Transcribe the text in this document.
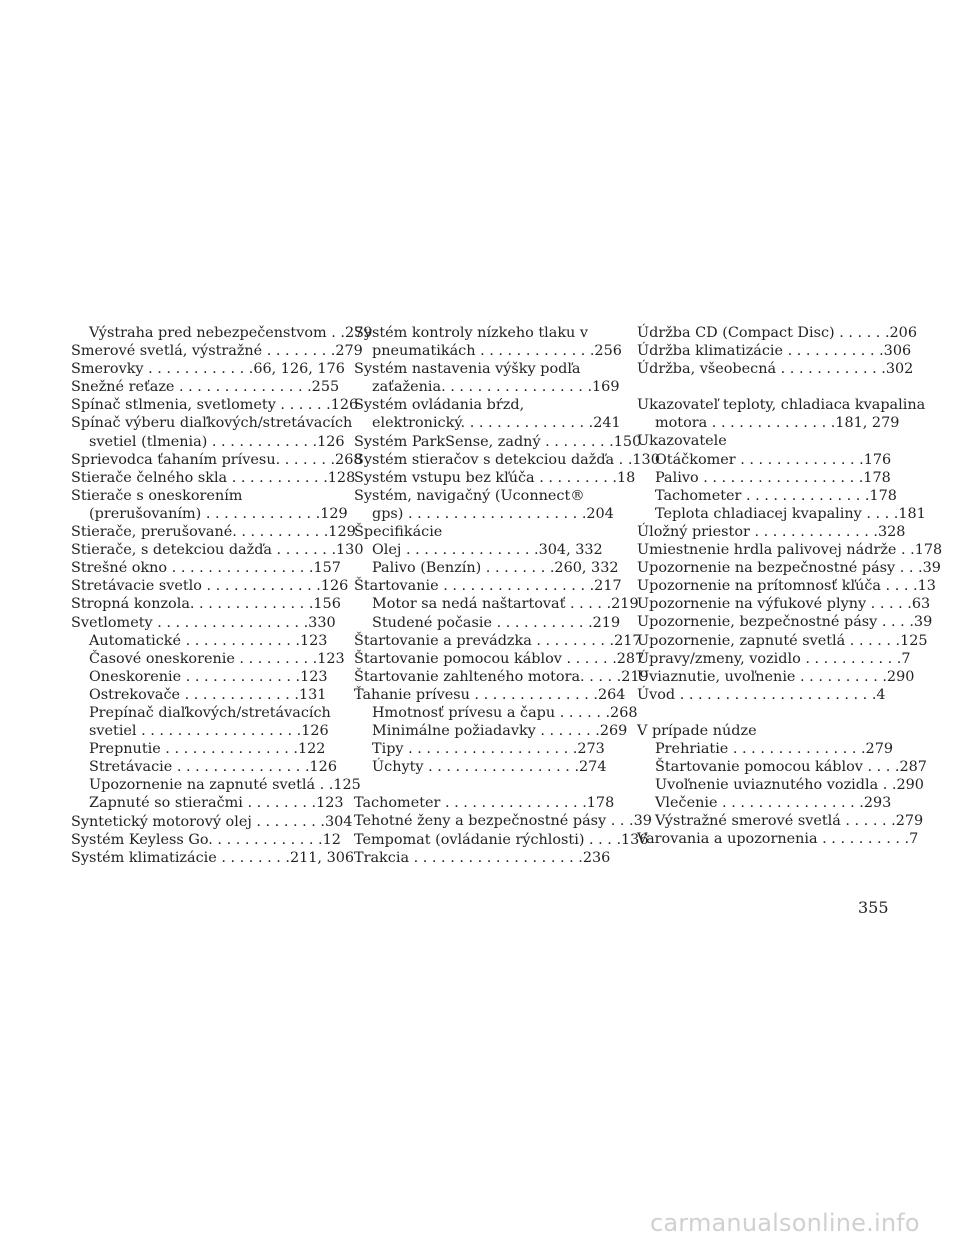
Výstraha pred nebezpečenstvom . .279
Smerové svetlá, výstražné . . . . . . . .279
Smerovky . . . . . . . . . . . .66, 126, 176
Snežné reťaze . . . . . . . . . . . . . . .255
Spínač stlmenia, svetlomety . . . . . .126
Spínač výberu diaľkových/stretávacích
svetiel (tlmenia) . . . . . . . . . . . .126
Sprievodca ťahaním prívesu. . . . . . .268
Stierače čelného skla . . . . . . . . . . .128
Stierače s oneskorením
(prerušovaním) . . . . . . . . . . . . .129
Stierače, prerušované. . . . . . . . . . .129
Stierače, s detekciou dažďa . . . . . . .130
Strešné okno . . . . . . . . . . . . . . . .157
Stretávacie svetlo . . . . . . . . . . . . .126
Stropná konzola. . . . . . . . . . . . . .156
Svetlomety . . . . . . . . . . . . . . . . .330
Automatické . . . . . . . . . . . . .123
Časové oneskorenie . . . . . . . . .123
Oneskorenie . . . . . . . . . . . . .123
Ostrekovače . . . . . . . . . . . . .131
Prepínač diaľkových/stretávacích
svetiel . . . . . . . . . . . . . . . . . .126
Prepnutie . . . . . . . . . . . . . . .122
Stretávacie . . . . . . . . . . . . . . .126
Upozornenie na zapnuté svetlá . .125
Zapnuté so stieračmi . . . . . . . .123
Syntetický motorový olej . . . . . . . .304
Systém Keyless Go. . . . . . . . . . . . .12
Systém klimatizácie . . . . . . . .211, 306
Systém kontroly nízkeho tlaku v
pneumatikách . . . . . . . . . . . . .256
Systém nastavenia výšky podľa
zaťaženia. . . . . . . . . . . . . . . . .169
Systém ovládania bŕzd,
elektronický. . . . . . . . . . . . . . .241
Systém ParkSense, zadný . . . . . . . .150
Systém stieračov s detekciou dažďa . .130
Systém vstupu bez kľúča . . . . . . . . .18
Systém, navigačný (Uconnect®
gps) . . . . . . . . . . . . . . . . . . . .204
Špecifikácie
Olej . . . . . . . . . . . . . . .304, 332
Palivo (Benzín) . . . . . . . .260, 332
Štartovanie . . . . . . . . . . . . . . . . .217
Motor sa nedá naštartovať . . . . .219
Studené počasie . . . . . . . . . . .219
Štartovanie a prevádzka . . . . . . . . .217
Štartovanie pomocou káblov . . . . . .287
Štartovanie zahlteného motora. . . . .219
Ťahanie prívesu . . . . . . . . . . . . . .264
Hmotnosť prívesu a čapu . . . . . .268
Minimálne požiadavky . . . . . . .269
Tipy . . . . . . . . . . . . . . . . . . .273
Úchyty . . . . . . . . . . . . . . . . .274
Tachometer . . . . . . . . . . . . . . . .178
Tehotné ženy a bezpečnostné pásy . . .39
Tempomat (ovládanie rýchlosti) . . . .136
Trakcia . . . . . . . . . . . . . . . . . . .236
Údržba CD (Compact Disc) . . . . . .206
Údržba klimatizácie . . . . . . . . . . .306
Údržba, všeobecná . . . . . . . . . . . .302
Ukazovateľ teploty, chladiaca kvapalina
motora . . . . . . . . . . . . . .181, 279
Ukazovatele
Otáčkomer . . . . . . . . . . . . . .176
Palivo . . . . . . . . . . . . . . . . . .178
Tachometer . . . . . . . . . . . . . .178
Teplota chladiacej kvapaliny . . . .181
Úložný priestor . . . . . . . . . . . . . .328
Umiestnenie hrdla palivovej nádrže . .178
Upozornenie na bezpečnostné pásy . . .39
Upozornenie na prítomnosť kľúča . . . .13
Upozornenie na výfukové plyny . . . . .63
Upozornenie, bezpečnostné pásy . . . .39
Upozornenie, zapnuté svetlá . . . . . .125
Úpravy/zmeny, vozidlo . . . . . . . . . . .7
Uviaznutie, uvoľnenie . . . . . . . . . .290
Úvod . . . . . . . . . . . . . . . . . . . . . .4
V prípade núdze
Prehriatie . . . . . . . . . . . . . . .279
Štartovanie pomocou káblov . . . .287
Uvoľnenie uviaznutého vozidla . .290
Vlečenie . . . . . . . . . . . . . . . .293
Výstražné smerové svetlá . . . . . .279
Varovania a upozornenia . . . . . . . . . .7
355
carmanualsonline.info
